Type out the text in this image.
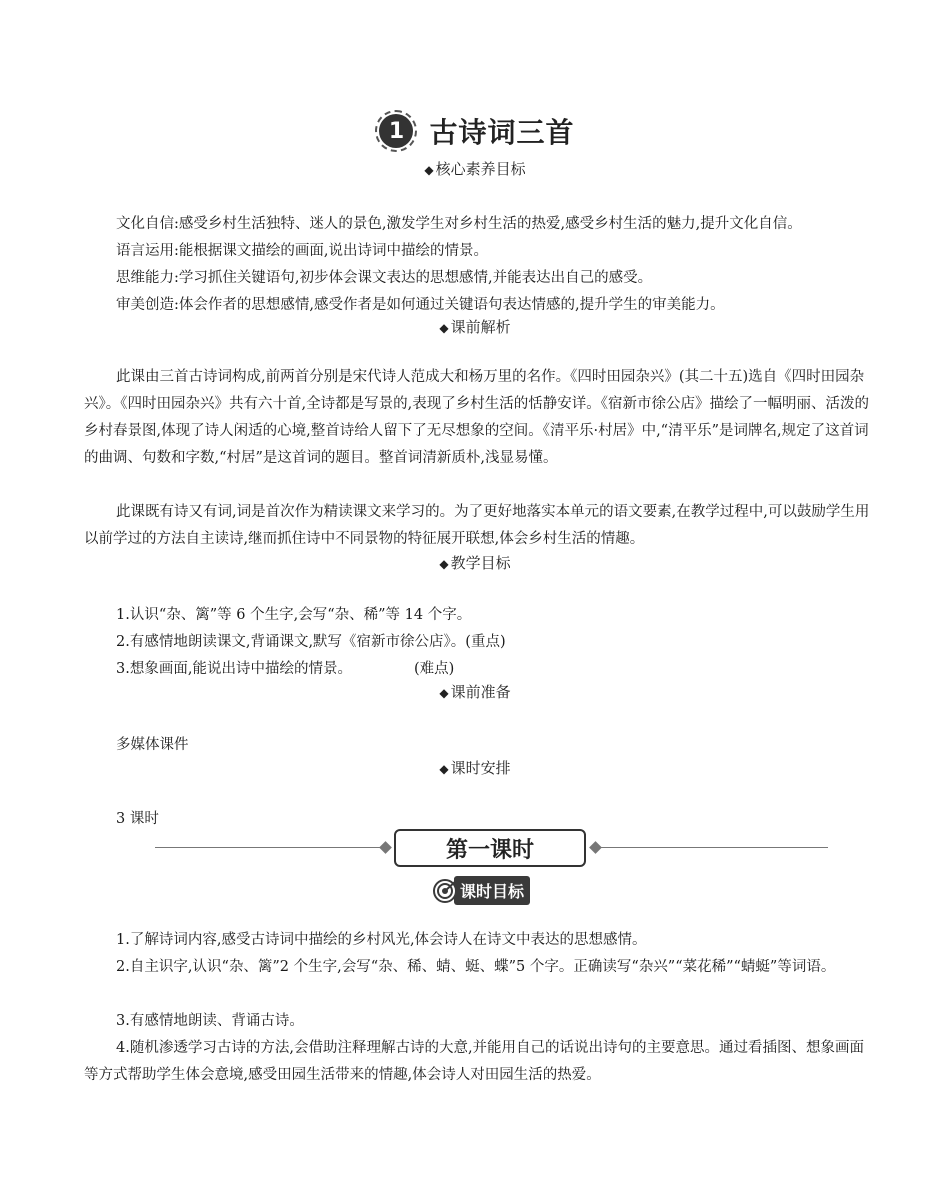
1 古诗词三首
◆ 核心素养目标

文化自信:感受乡村生活独特、迷人的景色,激发学生对乡村生活的热爱,感受乡村生活的魅力,提升文化自信。

语言运用:能根据课文描绘的画面,说出诗词中描绘的情景。

思维能力:学习抓住关键语句,初步体会课文表达的思想感情,并能表达出自己的感受。

审美创造:体会作者的思想感情,感受作者是如何通过关键语句表达情感的,提升学生的审美能力。

◆ 课前解析

此课由三首古诗词构成,前两首分别是宋代诗人范成大和杨万里的名作。《四时田园杂兴》(其二十五)选自《四时田园杂兴》。《四时田园杂兴》共有六十首,全诗都是写景的,表现了乡村生活的恬静安详。《宿新市徐公店》描绘了一幅明丽、活泼的乡村春景图,体现了诗人闲适的心境,整首诗给人留下了无尽想象的空间。《清平乐·村居》中,“清平乐”是词牌名,规定了这首词的曲调、句数和字数,“村居”是这首词的题目。整首词清新质朴,浅显易懂。

此课既有诗又有词,词是首次作为精读课文来学习的。为了更好地落实本单元的语文要素,在教学过程中,可以鼓励学生用以前学过的方法自主读诗,继而抓住诗中不同景物的特征展开联想,体会乡村生活的情趣。

◆ 教学目标

1.认识“杂、篱”等 6 个生字,会写“杂、稀”等 14 个字。

2.有感情地朗读课文,背诵课文,默写《宿新市徐公店》。(重点)

3.想象画面,能说出诗中描绘的情景。	(难点)

◆ 课前准备

多媒体课件

◆ 课时安排

3 课时

第一课时
课时目标

1.了解诗词内容,感受古诗词中描绘的乡村风光,体会诗人在诗文中表达的思想感情。

2.自主识字,认识“杂、篱”2 个生字,会写“杂、稀、蜻、蜓、蝶”5 个字。正确读写“杂兴”“菜花稀”“蜻蜓”等词语。

3.有感情地朗读、背诵古诗。

4.随机渗透学习古诗的方法,会借助注释理解古诗的大意,并能用自己的话说出诗句的主要意思。通过看插图、想象画面等方式帮助学生体会意境,感受田园生活带来的情趣,体会诗人对田园生活的热爱。
